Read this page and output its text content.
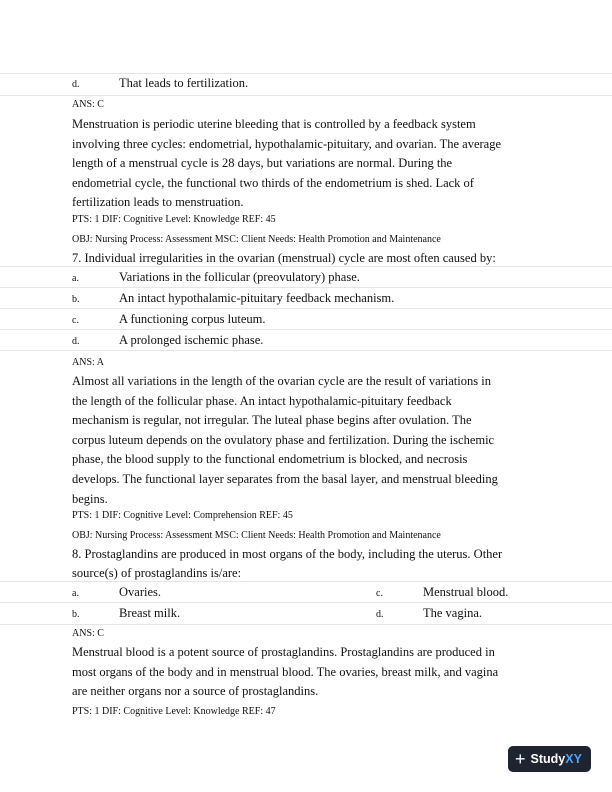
d.	That leads to fertilization.
ANS: C
Menstruation is periodic uterine bleeding that is controlled by a feedback system
involving three cycles: endometrial, hypothalamic-pituitary, and ovarian. The average
length of a menstrual cycle is 28 days, but variations are normal. During the
endometrial cycle, the functional two thirds of the endometrium is shed. Lack of
fertilization leads to menstruation.
PTS: 1 DIF: Cognitive Level: Knowledge REF: 45
OBJ: Nursing Process: Assessment MSC: Client Needs: Health Promotion and Maintenance
7. Individual irregularities in the ovarian (menstrual) cycle are most often caused by:
a.	Variations in the follicular (preovulatory) phase.
b.	An intact hypothalamic-pituitary feedback mechanism.
c.	A functioning corpus luteum.
d.	A prolonged ischemic phase.
ANS: A
Almost all variations in the length of the ovarian cycle are the result of variations in
the length of the follicular phase. An intact hypothalamic-pituitary feedback
mechanism is regular, not irregular. The luteal phase begins after ovulation. The
corpus luteum depends on the ovulatory phase and fertilization. During the ischemic
phase, the blood supply to the functional endometrium is blocked, and necrosis
develops. The functional layer separates from the basal layer, and menstrual bleeding
begins.
PTS: 1 DIF: Cognitive Level: Comprehension REF: 45
OBJ: Nursing Process: Assessment MSC: Client Needs: Health Promotion and Maintenance
8. Prostaglandins are produced in most organs of the body, including the uterus. Other
source(s) of prostaglandins is/are:
a.	Ovaries.	c.	Menstrual blood.
b.	Breast milk.	d.	The vagina.
ANS: C
Menstrual blood is a potent source of prostaglandins. Prostaglandins are produced in
most organs of the body and in menstrual blood. The ovaries, breast milk, and vagina
are neither organs nor a source of prostaglandins.
PTS: 1 DIF: Cognitive Level: Knowledge REF: 47
+ StudyXY
